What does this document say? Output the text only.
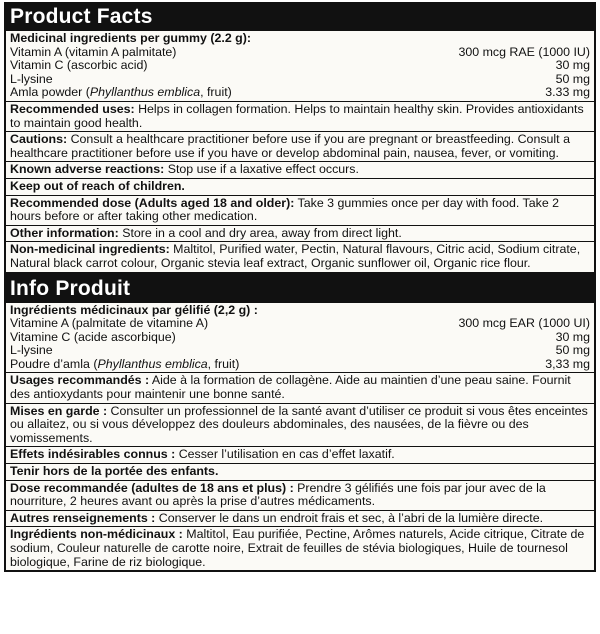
Product Facts
Medicinal ingredients per gummy (2.2 g):
Vitamin A (vitamin A palmitate)	300 mcg RAE (1000 IU)
Vitamin C (ascorbic acid)	30 mg
L-lysine	50 mg
Amla powder (Phyllanthus emblica, fruit)	3.33 mg
Recommended uses: Helps in collagen formation. Helps to maintain healthy skin. Provides antioxidants to maintain good health.
Cautions: Consult a healthcare practitioner before use if you are pregnant or breastfeeding. Consult a healthcare practitioner before use if you have or develop abdominal pain, nausea, fever, or vomiting.
Known adverse reactions: Stop use if a laxative effect occurs.
Keep out of reach of children.
Recommended dose (Adults aged 18 and older): Take 3 gummies once per day with food. Take 2 hours before or after taking other medication.
Other information: Store in a cool and dry area, away from direct light.
Non-medicinal ingredients: Maltitol, Purified water, Pectin, Natural flavours, Citric acid, Sodium citrate, Natural black carrot colour, Organic stevia leaf extract, Organic sunflower oil, Organic rice flour.
Info Produit
Ingrédients médicinaux par gélifié (2,2 g) :
Vitamine A (palmitate de vitamine A)	300 mcg EAR (1000 UI)
Vitamine C (acide ascorbique)	30 mg
L-lysine	50 mg
Poudre d’amla (Phyllanthus emblica, fruit)	3,33 mg
Usages recommandés : Aide à la formation de collagène. Aide au maintien d’une peau saine. Fournit des antioxydants pour maintenir une bonne santé.
Mises en garde : Consulter un professionnel de la santé avant d’utiliser ce produit si vous êtes enceintes ou allaitez, ou si vous développez des douleurs abdominales, des nausées, de la fièvre ou des vomissements.
Effets indésirables connus : Cesser l’utilisation en cas d’effet laxatif.
Tenir hors de la portée des enfants.
Dose recommandée (adultes de 18 ans et plus) : Prendre 3 gélifiés une fois par jour avec de la nourriture, 2 heures avant ou après la prise d’autres médicaments.
Autres renseignements : Conserver le dans un endroit frais et sec, à l’abri de la lumière directe.
Ingrédients non-médicinaux : Maltitol, Eau purifiée, Pectine, Arômes naturels, Acide citrique, Citrate de sodium, Couleur naturelle de carotte noire, Extrait de feuilles de stévia biologiques, Huile de tournesol biologique, Farine de riz biologique.
